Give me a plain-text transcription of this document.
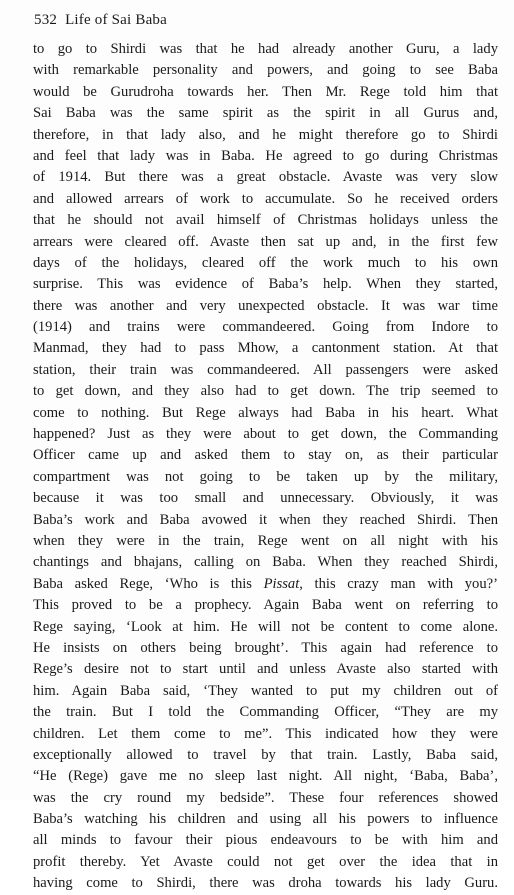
532 Life of Sai Baba
to go to Shirdi was that he had already another Guru, a lady
with remarkable personality and powers, and going to see Baba
would be Gurudroha towards her. Then Mr. Rege told him that
Sai Baba was the same spirit as the spirit in all Gurus and,
therefore, in that lady also, and he might therefore go to Shirdi
and feel that lady was in Baba. He agreed to go during Christmas
of 1914. But there was a great obstacle. Avaste was very slow
and allowed arrears of work to accumulate. So he received orders
that he should not avail himself of Christmas holidays unless the
arrears were cleared off. Avaste then sat up and, in the first few
days of the holidays, cleared off the work much to his own
surprise. This was evidence of Baba’s help. When they started,
there was another and very unexpected obstacle. It was war time
(1914) and trains were commandeered. Going from Indore to
Manmad, they had to pass Mhow, a cantonment station. At that
station, their train was commandeered. All passengers were asked
to get down, and they also had to get down. The trip seemed to
come to nothing. But Rege always had Baba in his heart. What
happened? Just as they were about to get down, the Commanding
Officer came up and asked them to stay on, as their particular
compartment was not going to be taken up by the military,
because it was too small and unnecessary. Obviously, it was
Baba’s work and Baba avowed it when they reached Shirdi. Then
when they were in the train, Rege went on all night with his
chantings and bhajans, calling on Baba. When they reached Shirdi,
Baba asked Rege, ‘Who is this Pissat, this crazy man with you?’
This proved to be a prophecy. Again Baba went on referring to
Rege saying, ‘Look at him. He will not be content to come alone.
He insists on others being brought’. This again had reference to
Rege’s desire not to start until and unless Avaste also started with
him. Again Baba said, ‘They wanted to put my children out of
the train. But I told the Commanding Officer, “They are my
children. Let them come to me”. This indicated how they were
exceptionally allowed to travel by that train. Lastly, Baba said,
“He (Rege) gave me no sleep last night. All night, ‘Baba, Baba’,
was the cry round my bedside”. These four references showed
Baba’s watching his children and using all his powers to influence
all minds to favour their pious endeavours to be with him and
profit thereby. Yet Avaste could not get over the idea that in
having come to Shirdi, there was droha towards his lady Guru.
